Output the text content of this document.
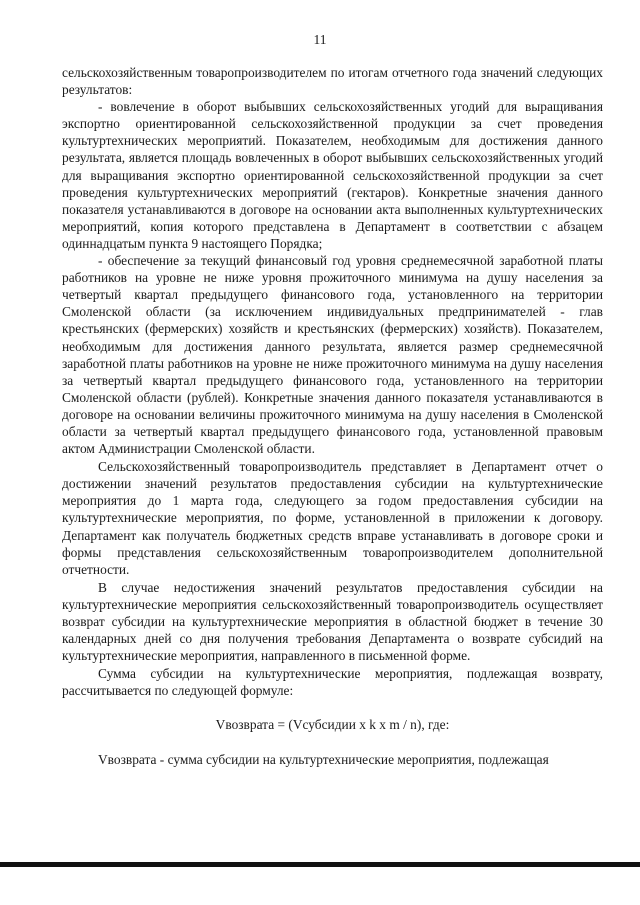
11

сельскохозяйственным товаропроизводителем по итогам отчетного года значений следующих результатов:

- вовлечение в оборот выбывших сельскохозяйственных угодий для выращивания экспортно ориентированной сельскохозяйственной продукции за счет проведения культуртехнических мероприятий. Показателем, необходимым для достижения данного результата, является площадь вовлеченных в оборот выбывших сельскохозяйственных угодий для выращивания экспортно ориентированной сельскохозяйственной продукции за счет проведения культуртехнических мероприятий (гектаров). Конкретные значения данного показателя устанавливаются в договоре на основании акта выполненных культуртехнических мероприятий, копия которого представлена в Департамент в соответствии с абзацем одиннадцатым пункта 9 настоящего Порядка;

- обеспечение за текущий финансовый год уровня среднемесячной заработной платы работников на уровне не ниже уровня прожиточного минимума на душу населения за четвертый квартал предыдущего финансового года, установленного на территории Смоленской области (за исключением индивидуальных предпринимателей - глав крестьянских (фермерских) хозяйств и крестьянских (фермерских) хозяйств). Показателем, необходимым для достижения данного результата, является размер среднемесячной заработной платы работников на уровне не ниже прожиточного минимума на душу населения за четвертый квартал предыдущего финансового года, установленного на территории Смоленской области (рублей). Конкретные значения данного показателя устанавливаются в договоре на основании величины прожиточного минимума на душу населения в Смоленской области за четвертый квартал предыдущего финансового года, установленной правовым актом Администрации Смоленской области.

Сельскохозяйственный товаропроизводитель представляет в Департамент отчет о достижении значений результатов предоставления субсидии на культуртехнические мероприятия до 1 марта года, следующего за годом предоставления субсидии на культуртехнические мероприятия, по форме, установленной в приложении к договору. Департамент как получатель бюджетных средств вправе устанавливать в договоре сроки и формы представления сельскохозяйственным товаропроизводителем дополнительной отчетности.

В случае недостижения значений результатов предоставления субсидии на культуртехнические мероприятия сельскохозяйственный товаропроизводитель осуществляет возврат субсидии на культуртехнические мероприятия в областной бюджет в течение 30 календарных дней со дня получения требования Департамента о возврате субсидий на культуртехнические мероприятия, направленного в письменной форме.

Сумма субсидии на культуртехнические мероприятия, подлежащая возврату, рассчитывается по следующей формуле:

Vвозврата = (Vсубсидии x k x m / n), где:

Vвозврата - сумма субсидии на культуртехнические мероприятия, подлежащая
